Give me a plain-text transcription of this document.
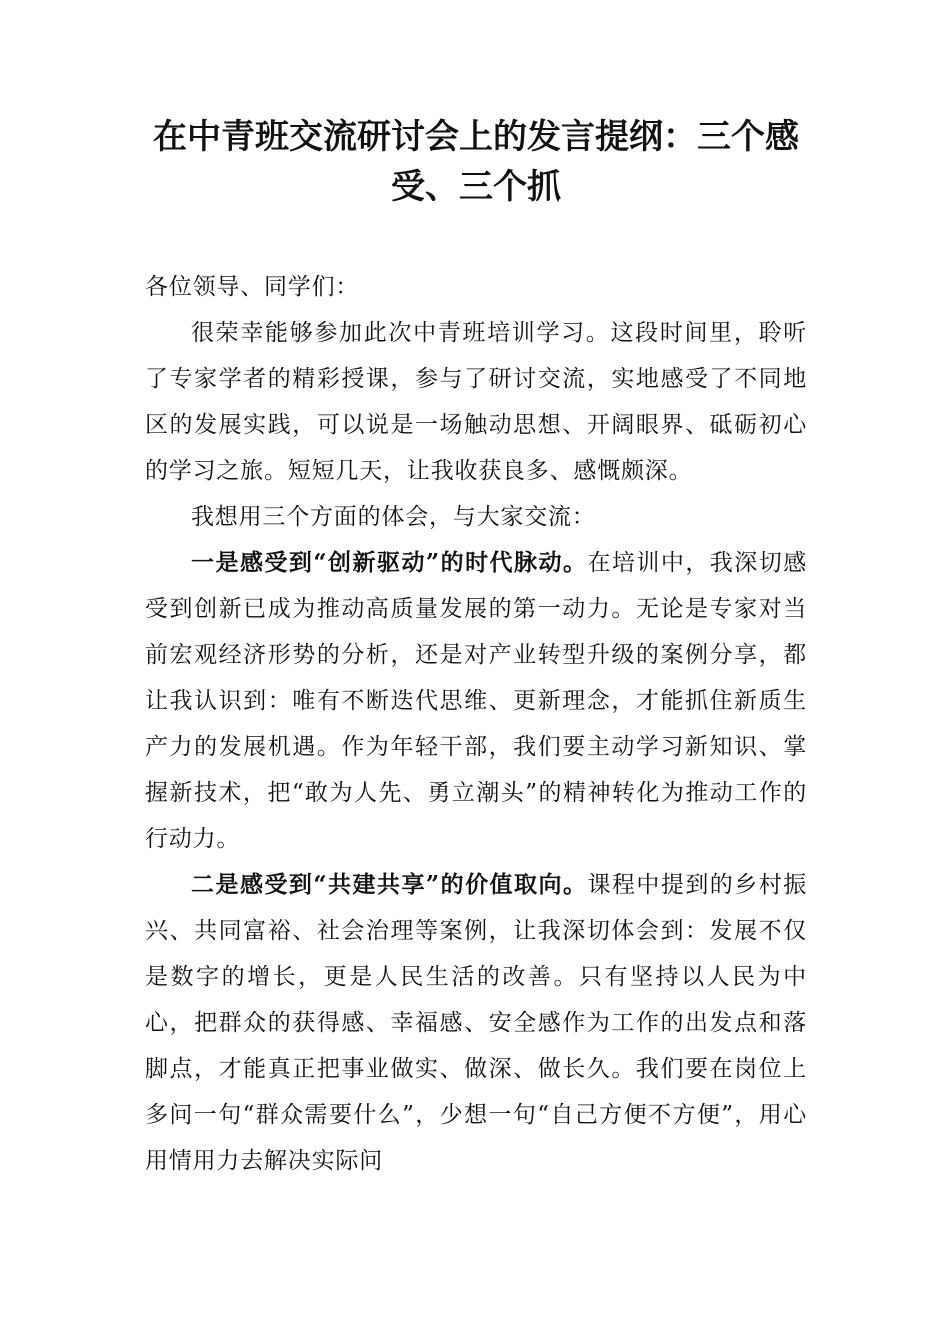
在中青班交流研讨会上的发言提纲：三个感受、三个抓

各位领导、同学们：

很荣幸能够参加此次中青班培训学习。这段时间里，聆听了专家学者的精彩授课，参与了研讨交流，实地感受了不同地区的发展实践，可以说是一场触动思想、开阔眼界、砥砺初心的学习之旅。短短几天，让我收获良多、感慨颇深。

我想用三个方面的体会，与大家交流：

一是感受到“创新驱动”的时代脉动。在培训中，我深切感受到创新已成为推动高质量发展的第一动力。无论是专家对当前宏观经济形势的分析，还是对产业转型升级的案例分享，都让我认识到：唯有不断迭代思维、更新理念，才能抓住新质生产力的发展机遇。作为年轻干部，我们要主动学习新知识、掌握新技术，把“敢为人先、勇立潮头”的精神转化为推动工作的行动力。

二是感受到“共建共享”的价值取向。课程中提到的乡村振兴、共同富裕、社会治理等案例，让我深切体会到：发展不仅是数字的增长，更是人民生活的改善。只有坚持以人民为中心，把群众的获得感、幸福感、安全感作为工作的出发点和落脚点，才能真正把事业做实、做深、做长久。我们要在岗位上多问一句“群众需要什么”，少想一句“自己方便不方便”，用心用情用力去解决实际问
